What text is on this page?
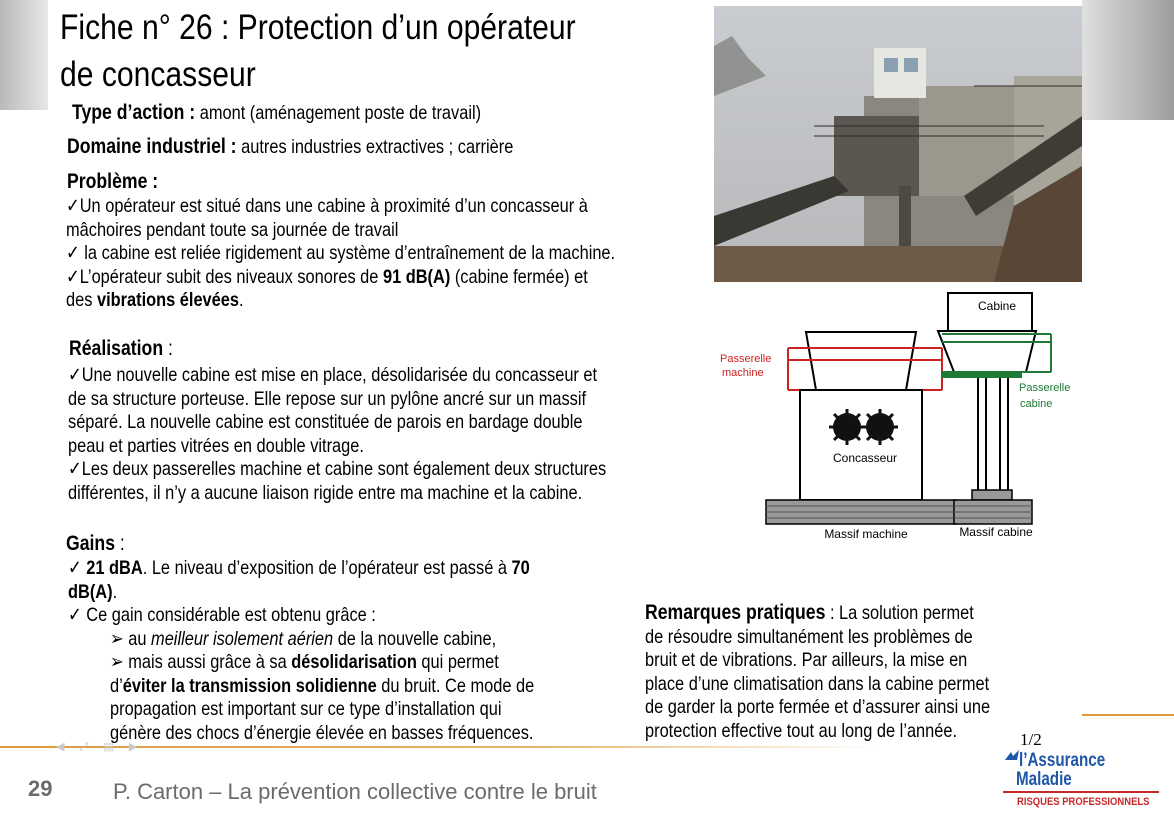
Fiche n° 26 : Protection d’un opérateur
de concasseur
Type d’action : amont (aménagement poste de travail)
Domaine industriel : autres industries extractives ; carrière
Problème :
✓Un opérateur est situé dans une cabine à proximité d’un concasseur à
mâchoires pendant toute sa journée de travail
✓ la cabine est reliée rigidement au système d’entraînement de la machine.
✓L’opérateur subit des niveaux sonores de 91 dB(A) (cabine fermée) et
des vibrations élevées.
Réalisation :
✓Une nouvelle cabine est mise en place, désolidarisée du concasseur et
de sa structure porteuse. Elle repose sur un pylône ancré sur un massif
séparé. La nouvelle cabine est constituée de parois en bardage double
peau et parties vitrées en double vitrage.
✓Les deux passerelles machine et cabine sont également deux structures
différentes, il n’y a aucune liaison rigide entre ma machine et la cabine.
Gains :
✓ 21 dBA. Le niveau d’exposition de l’opérateur est passé à 70
dB(A).
✓ Ce gain considérable est obtenu grâce :
➢ au meilleur isolement aérien de la nouvelle cabine,
➢ mais aussi grâce à sa désolidarisation qui permet
d’éviter la transmission solidienne du bruit. Ce mode de
propagation est important sur ce type d’installation qui
génère des chocs d’énergie élevée en basses fréquences.
Remarques pratiques : La solution permet
de résoudre simultanément les problèmes de
bruit et de vibrations. Par ailleurs, la mise en
place d’une climatisation dans la cabine permet
de garder la porte fermée et d’assurer ainsi une
protection effective tout au long de l’année.
Cabine
Passerelle
machine
Passerelle
cabine
Concasseur
Massif machine	Massif cabine
◀ ⤢ ▤ ▶	1/2
29	P. Carton – La prévention collective contre le bruit
l’Assurance
Maladie
RISQUES PROFESSIONNELS
